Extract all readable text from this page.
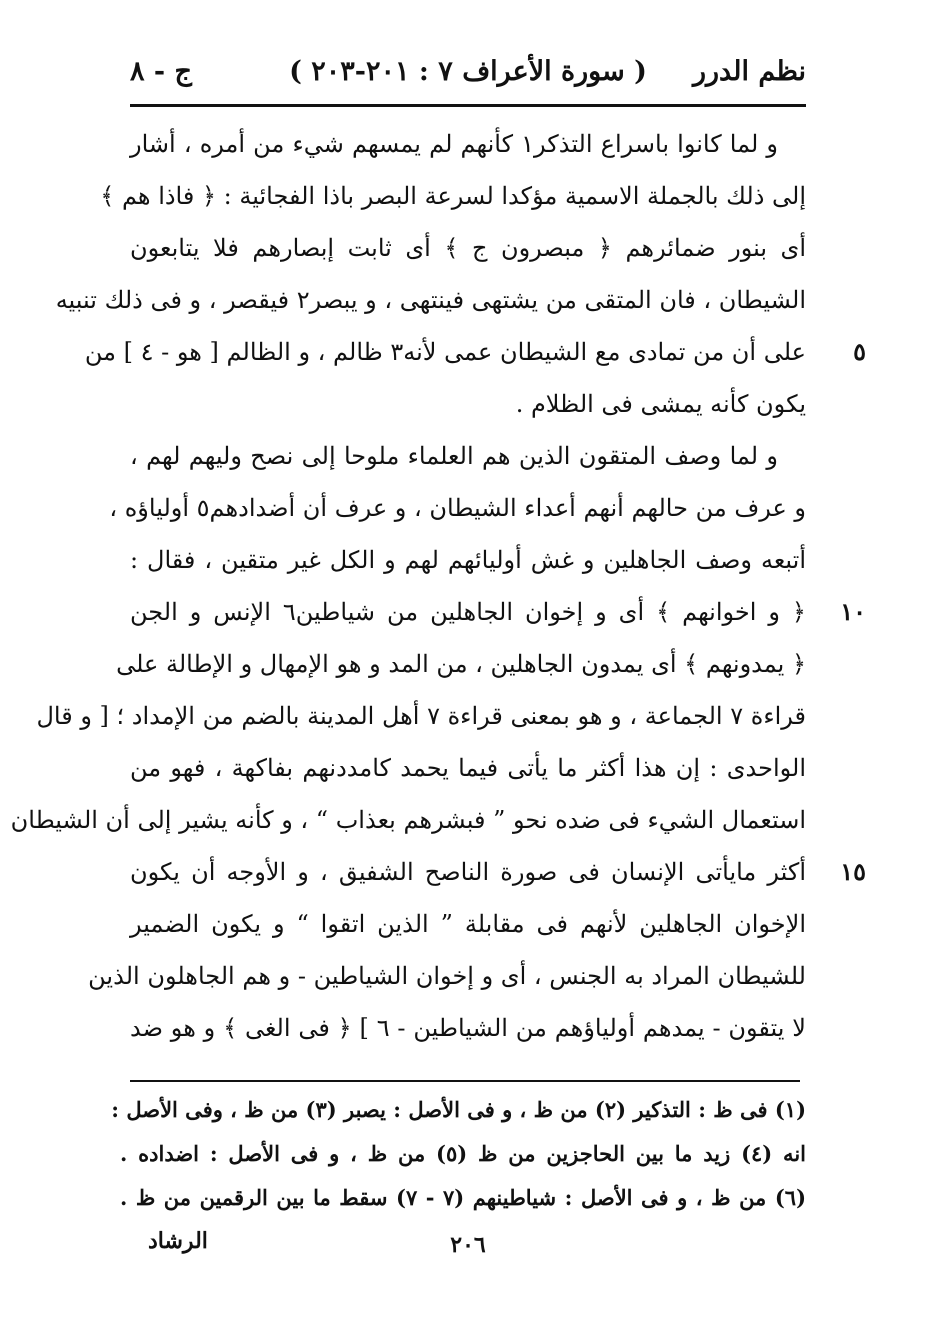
نظم الدرر
( سورة الأعراف ٧ : ٢٠١-٢٠٣ )
ج - ٨
و لما كانوا باسراع التذكر١ كأنهم لم يمسهم شيء من أمره ، أشار
إلى ذلك بالجملة الاسمية مؤكدا لسرعة البصر باذا الفجائية : ﴿ فاذا هم ﴾
أى بنور ضمائرهم ﴿ مبصرون ج ﴾ أى ثابت إبصارهم فلا يتابعون
الشيطان ، فان المتقى من يشتهى فينتهى ، و يبصر٢ فيقصر ، و فى ذلك تنبيه
على أن من تمادى مع الشيطان عمى لأنه٣ ظالم ، و الظالم [ هو - ٤ ] من	٥
يكون كأنه يمشى فى الظلام .
و لما وصف المتقون الذين هم العلماء ملوحا إلى نصح وليهم لهم ،
و عرف من حالهم أنهم أعداء الشيطان ، و عرف أن أضدادهم٥ أولياؤه ،
أتبعه وصف الجاهلين و غش أوليائهم لهم و الكل غير متقين ، فقال :
﴿ و اخوانهم ﴾ أى و إخوان الجاهلين من شياطين٦ الإنس و الجن	١٠
﴿ يمدونهم ﴾ أى يمدون الجاهلين ، من المد و هو الإمهال و الإطالة على
قراءة ٧ الجماعة ، و هو بمعنى قراءة ٧ أهل المدينة بالضم من الإمداد ؛ [ و قال
الواحدى : إن هذا أكثر ما يأتى فيما يحمد كامددنهم بفاكهة ، فهو من
استعمال الشيء فى ضده نحو ” فبشرهم بعذاب “ ، و كأنه يشير إلى أن الشيطان
أكثر مايأتى الإنسان فى صورة الناصح الشفيق ، و الأوجه أن يكون	١٥
الإخوان الجاهلين لأنهم فى مقابلة ” الذين اتقوا “ و يكون الضمير
للشيطان المراد به الجنس ، أى و إخوان الشياطين - و هم الجاهلون الذين
لا يتقون - يمدهم أولياؤهم من الشياطين - ٦ ] ﴿ فى الغى ﴾ و هو ضد
(١) فى ظ : التذكير (٢) من ظ ، و فى الأصل : يصبر (٣) من ظ ، وفى الأصل :
انه (٤) زيد ما بين الحاجزين من ظ (٥) من ظ ، و فى الأصل : اضداده .
(٦) من ظ ، و فى الأصل : شياطينهم (٧ - ٧) سقط ما بين الرقمين من ظ .
الرشاد	٢٠٦
